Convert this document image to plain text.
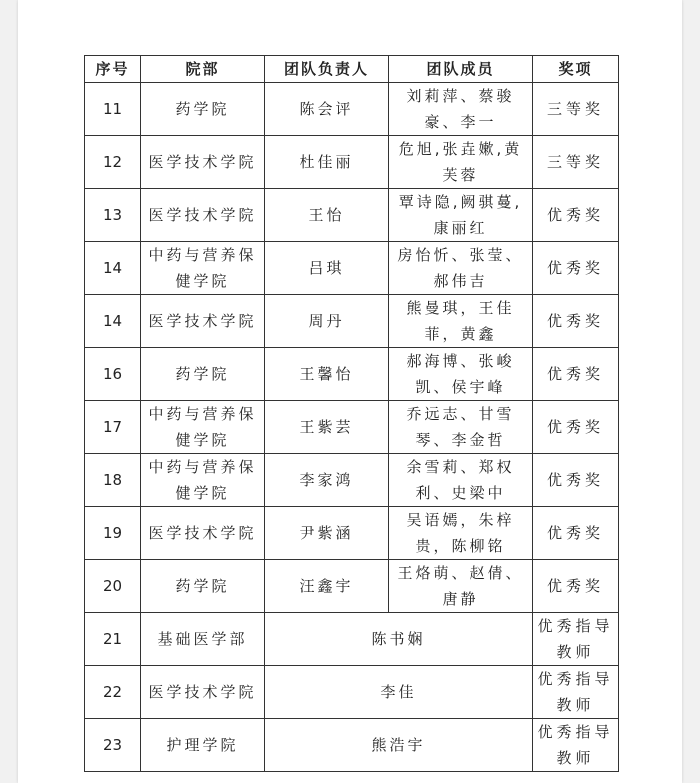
序号	院部	团队负责人	团队成员	奖项
11	药学院	陈会评	刘莉萍、蔡骏豪、李一	三等奖
12	医学技术学院	杜佳丽	危旭,张垚嫰,黄芙蓉	三等奖
13	医学技术学院	王怡	覃诗隐,阙骐蔓,康丽红	优秀奖
14	中药与营养保健学院	吕琪	房怡忻、张莹、郝伟吉	优秀奖
14	医学技术学院	周丹	熊曼琪，王佳菲，黄鑫	优秀奖
16	药学院	王馨怡	郝海博、张峻凯、侯宇峰	优秀奖
17	中药与营养保健学院	王紫芸	乔远志、甘雪琴、李金哲	优秀奖
18	中药与营养保健学院	李家鸿	余雪莉、郑权利、史梁中	优秀奖
19	医学技术学院	尹紫涵	吴语嫣，朱梓贵，陈柳铭	优秀奖
20	药学院	汪鑫宇	王烙萌、赵倩、唐静	优秀奖
21	基础医学部	陈书娴		优秀指导教师
22	医学技术学院	李佳		优秀指导教师
23	护理学院	熊浩宇		优秀指导教师
